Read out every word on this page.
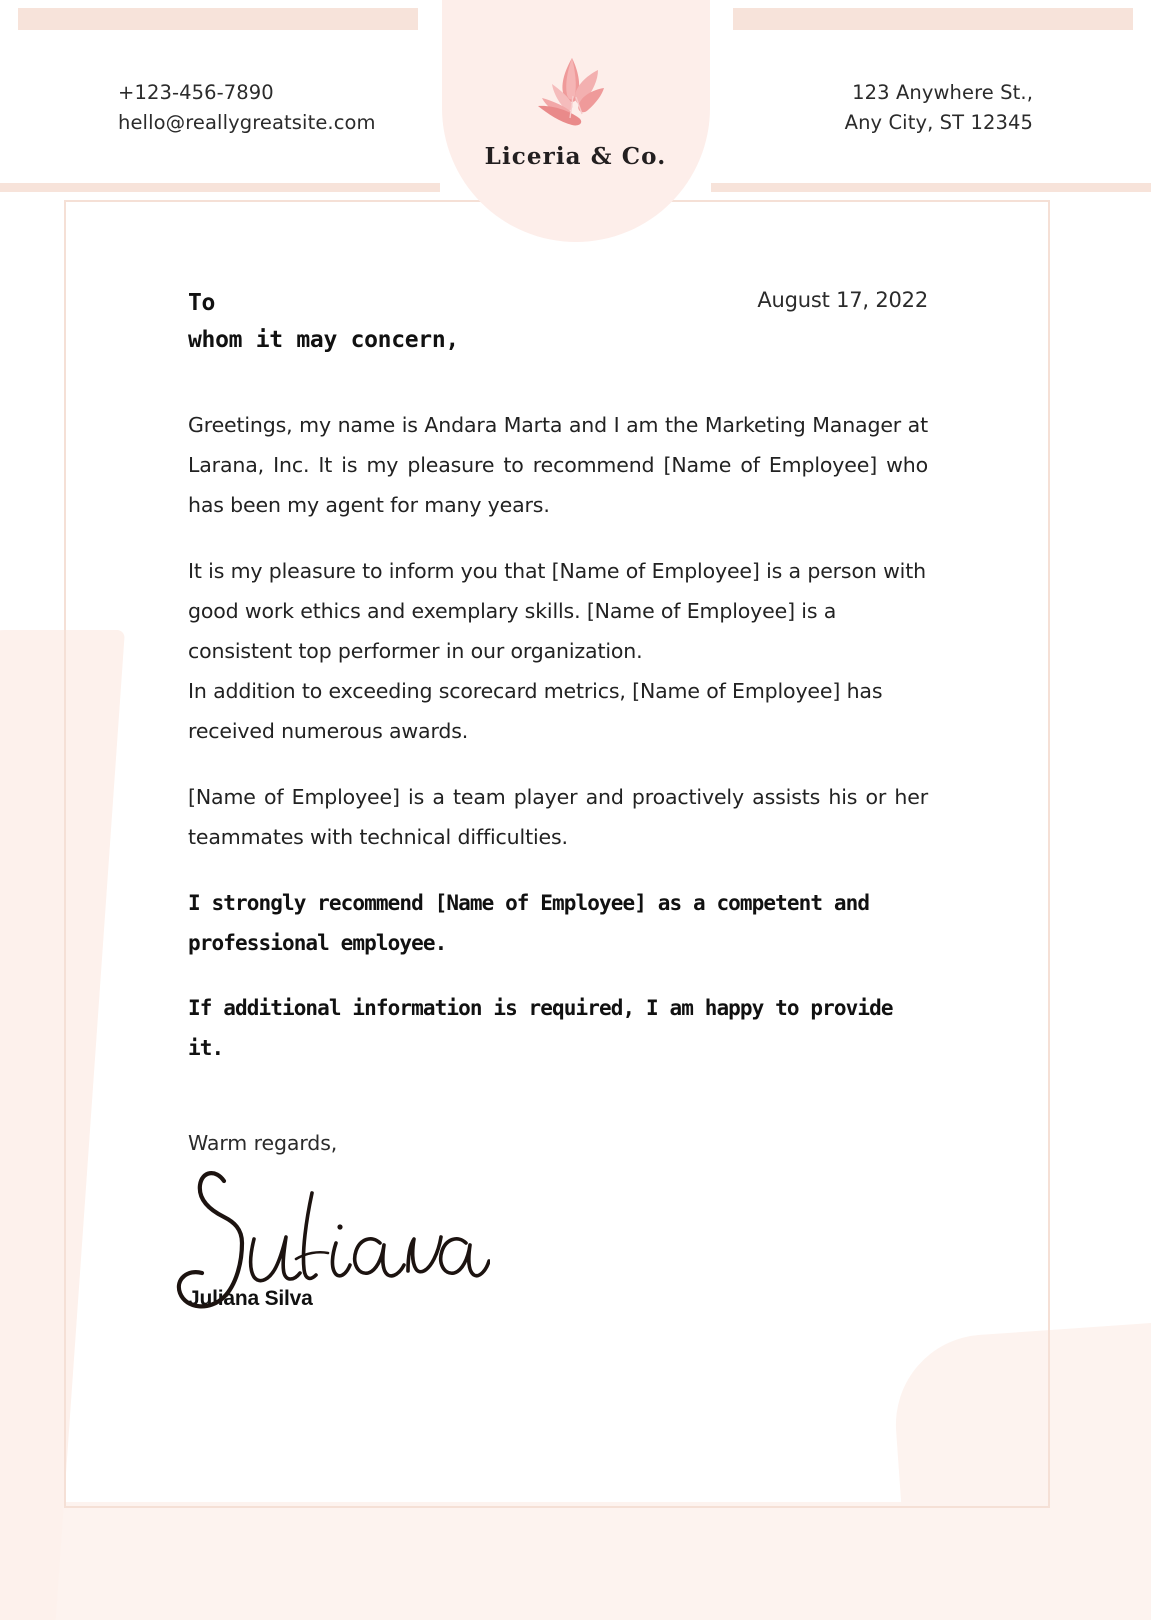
+123-456-7890
hello@reallygreatsite.com
123 Anywhere St.,
Any City, ST 12345
Liceria & Co.
To
whom it may concern,
August 17, 2022

Greetings, my name is Andara Marta and I am the Marketing Manager at Larana, Inc. It is my pleasure to recommend [Name of Employee] who has been my agent for many years.

It is my pleasure to inform you that [Name of Employee] is a person with good work ethics and exemplary skills. [Name of Employee] is a consistent top performer in our organization.

In addition to exceeding scorecard metrics, [Name of Employee] has received numerous awards.

[Name of Employee] is a team player and proactively assists his or her teammates with technical difficulties.

I strongly recommend [Name of Employee] as a competent and professional employee.

If additional information is required, I am happy to provide it.

Warm regards,
Juliana Silva
